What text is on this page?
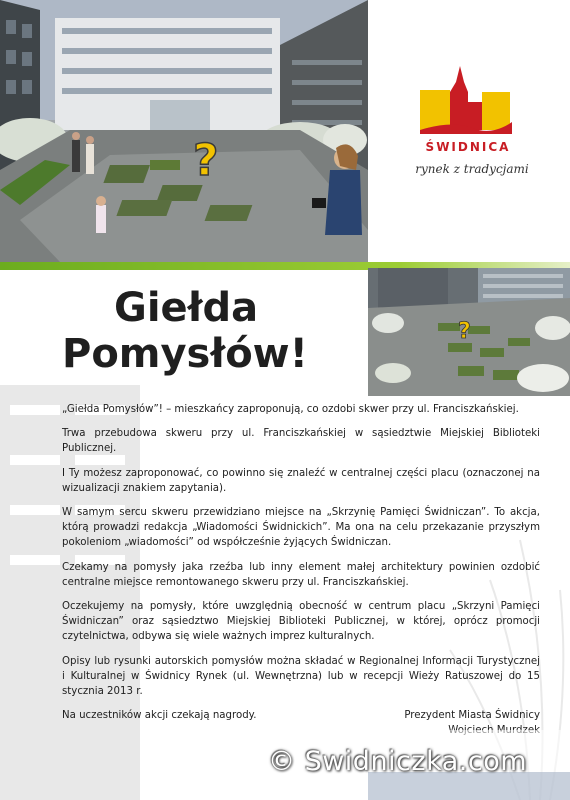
?	ŚWIDNICA
rynek z tradycjami
Giełda
Pomysłów!	?

„Giełda Pomysłów”! – mieszkańcy zaproponują, co ozdobi skwer przy ul. Franciszkańskiej.

Trwa przebudowa skweru przy ul. Franciszkańskiej w sąsiedztwie Miejskiej Biblioteki Publicznej.

I Ty możesz zaproponować, co powinno się znaleźć w centralnej części placu (oznaczonej na wizualizacji znakiem zapytania).

W samym sercu skweru przewidziano miejsce na „Skrzynię Pamięci Świdniczan”. To akcja, którą prowadzi redakcja „Wiadomości Świdnickich”. Ma ona na celu przekazanie przyszłym pokoleniom „wiadomości” od współcześnie żyjących Świdniczan.

Czekamy na pomysły jaka rzeźba lub inny element małej architektury powinien ozdobić centralne miejsce remontowanego skweru przy ul. Franciszkańskiej.

Oczekujemy na pomysły, które uwzględnią obecność w centrum placu „Skrzyni Pamięci Świdniczan” oraz sąsiedztwo Miejskiej Biblioteki Publicznej, w której, oprócz promocji czytelnictwa, odbywa się wiele ważnych imprez kulturalnych.

Opisy lub rysunki autorskich pomysłów można składać w Regionalnej Informacji Turystycznej i Kulturalnej w Świdnicy Rynek (ul. Wewnętrzna) lub w recepcji Wieży Ratuszowej do 15 stycznia 2013 r.

Na uczestników akcji czekają nagrody.	Prezydent Miasta Świdnicy
© Swidniczka.com
